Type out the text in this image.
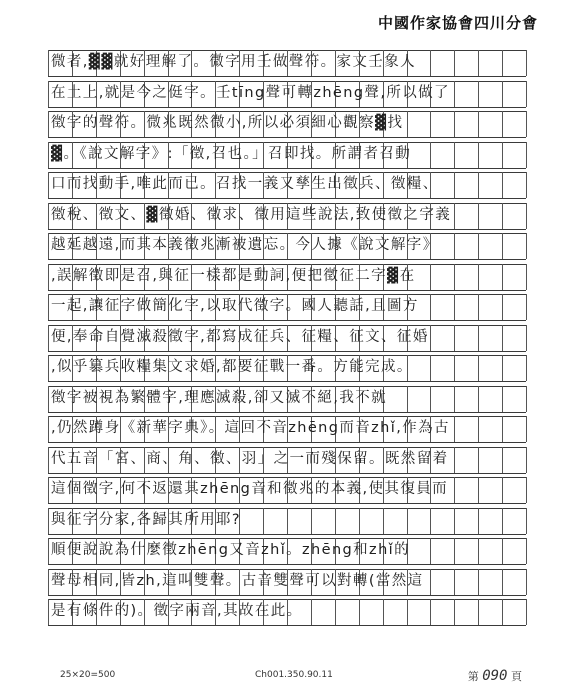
中國作家協會四川分會
微者,▓▓就好理解了。微字用壬做聲符。家文壬象人
在土上,就是今之侹字。壬tīng聲可轉zhēng聲,所以做了
徵字的聲符。微兆既然微小,所以必須細心觀察▓找
▓。《說文解字》:「徵,召也。」召即找。所謂者召動
口而找動手,唯此而已。召找一義又孳生出徵兵、徵糧、
徵稅、徵文、▓徵婚、徵求、徵用這些說法,致使徵之字義
越延越遠,而其本義徵兆漸被遺忘。今人據《說文解字》
,誤解徵即是召,與征一樣都是動詞,便把徵征二字▓在
一起,讓征字做簡化字,以取代徵字。國人聽話,且圖方
便,奉命自覺滅殺徵字,都寫成征兵、征糧、征文、征婚
,似乎篡兵收糧集文求婚,都要征戰一番。方能完成。
徵字被視為繁體字,理應滅殺,卻又滅不絕,我不就
,仍然蹲身《新華字典》。這回不音zhēng而音zhǐ,作為古
代五音「宮、商、角、徵、羽」之一而殘保留。既然留着
這個徵字,何不返還其zhēng音和徵兆的本義,使其復員而
與征字分家,各歸其所用耶?
順便說說為什麼徵zhēng又音zhǐ。zhēng和zhǐ的
聲母相同,皆zh,這叫雙聲。古音雙聲可以對轉(當然這
是有條件的)。徵字兩音,其故在此。
25×20=500	Ch001.350.90.11	第 090 頁
